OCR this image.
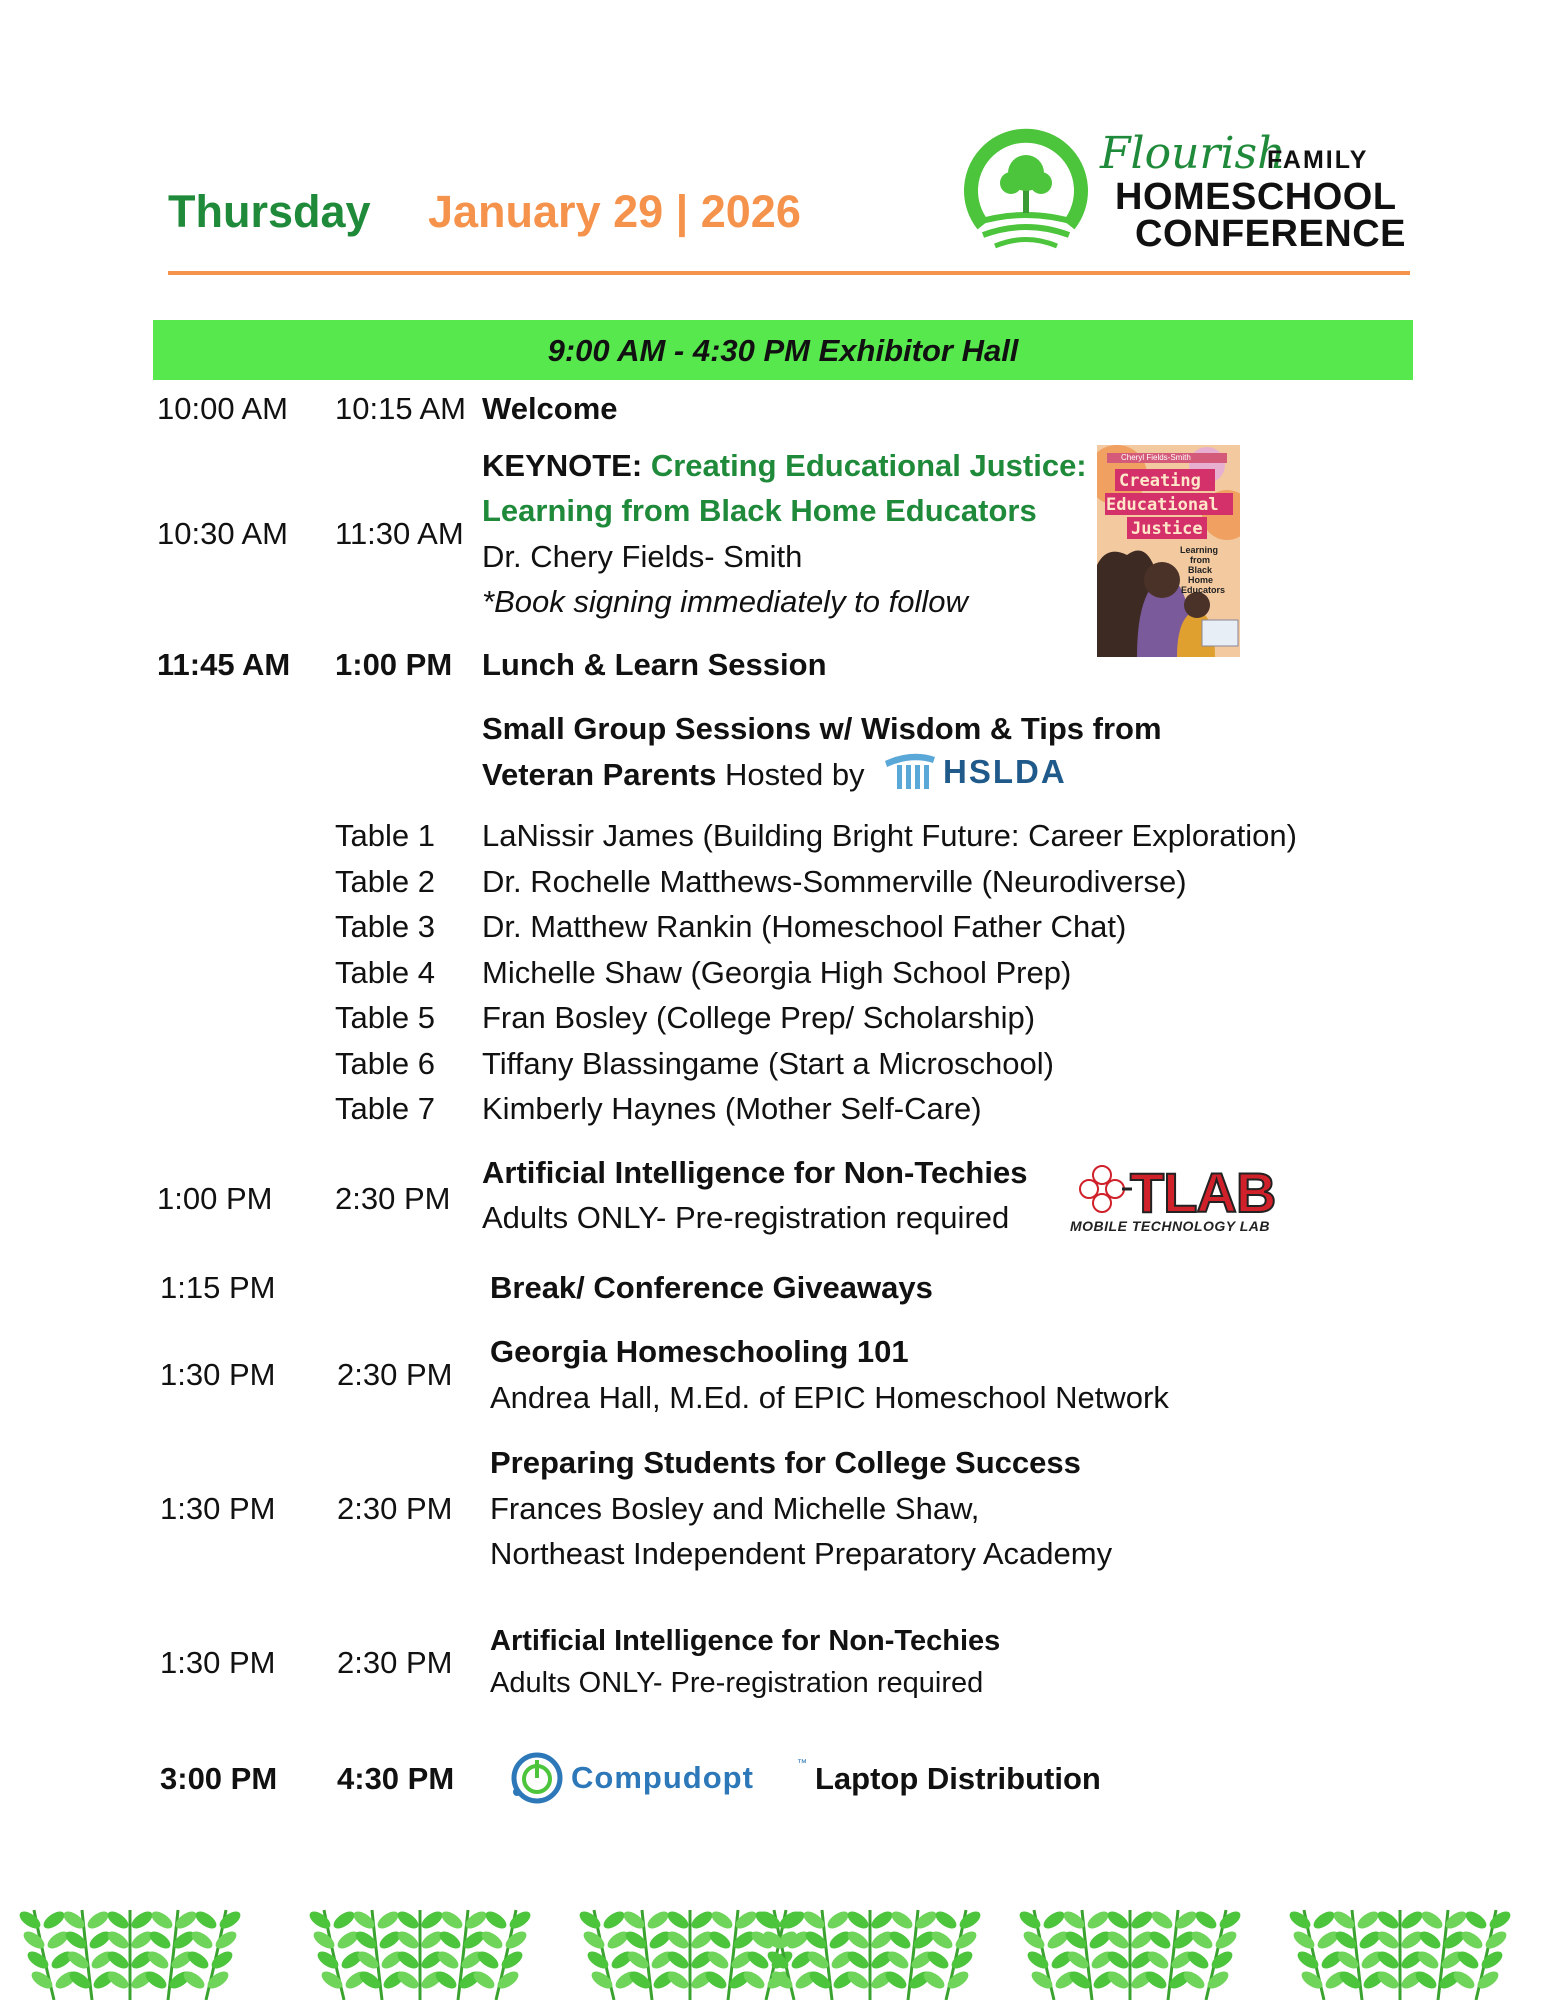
Thursday January 29 | 2026
Flourish
FAMILY
HOMESCHOOL
CONFERENCE
9:00 AM - 4:30 PM Exhibitor Hall
10:00 AM 10:15 AM Welcome
10:30 AM 11:30 AM
KEYNOTE: Creating Educational Justice:
Learning from Black Home Educators
Dr. Chery Fields- Smith
*Book signing immediately to follow
Cheryl Fields-Smith
Creating
Educational
Justice
Learning
from
Black
Home
Educators
11:45 AM 1:00 PM Lunch & Learn Session
Small Group Sessions w/ Wisdom & Tips from
Veteran Parents Hosted by HSLDA
Table 1 LaNissir James (Building Bright Future: Career Exploration)
Table 2 Dr. Rochelle Matthews-Sommerville (Neurodiverse)
Table 3 Dr. Matthew Rankin (Homeschool Father Chat)
Table 4 Michelle Shaw (Georgia High School Prep)
Table 5 Fran Bosley (College Prep/ Scholarship)
Table 6 Tiffany Blassingame (Start a Microschool)
Table 7 Kimberly Haynes (Mother Self-Care)
1:00 PM 2:30 PM
Artificial Intelligence for Non-Techies
Adults ONLY- Pre-registration required TLAB
MOBILE TECHNOLOGY LAB
1:15 PM	Break/ Conference Giveaways
1:30 PM 2:30 PM
Georgia Homeschooling 101
Andrea Hall, M.Ed. of EPIC Homeschool Network
1:30 PM 2:30 PM
Preparing Students for College Success
Frances Bosley and Michelle Shaw,
Northeast Independent Preparatory Academy
1:30 PM 2:30 PM
Artificial Intelligence for Non-Techies
Adults ONLY- Pre-registration required
3:00 PM 4:30 PM	Compudopt	™ Laptop Distribution
